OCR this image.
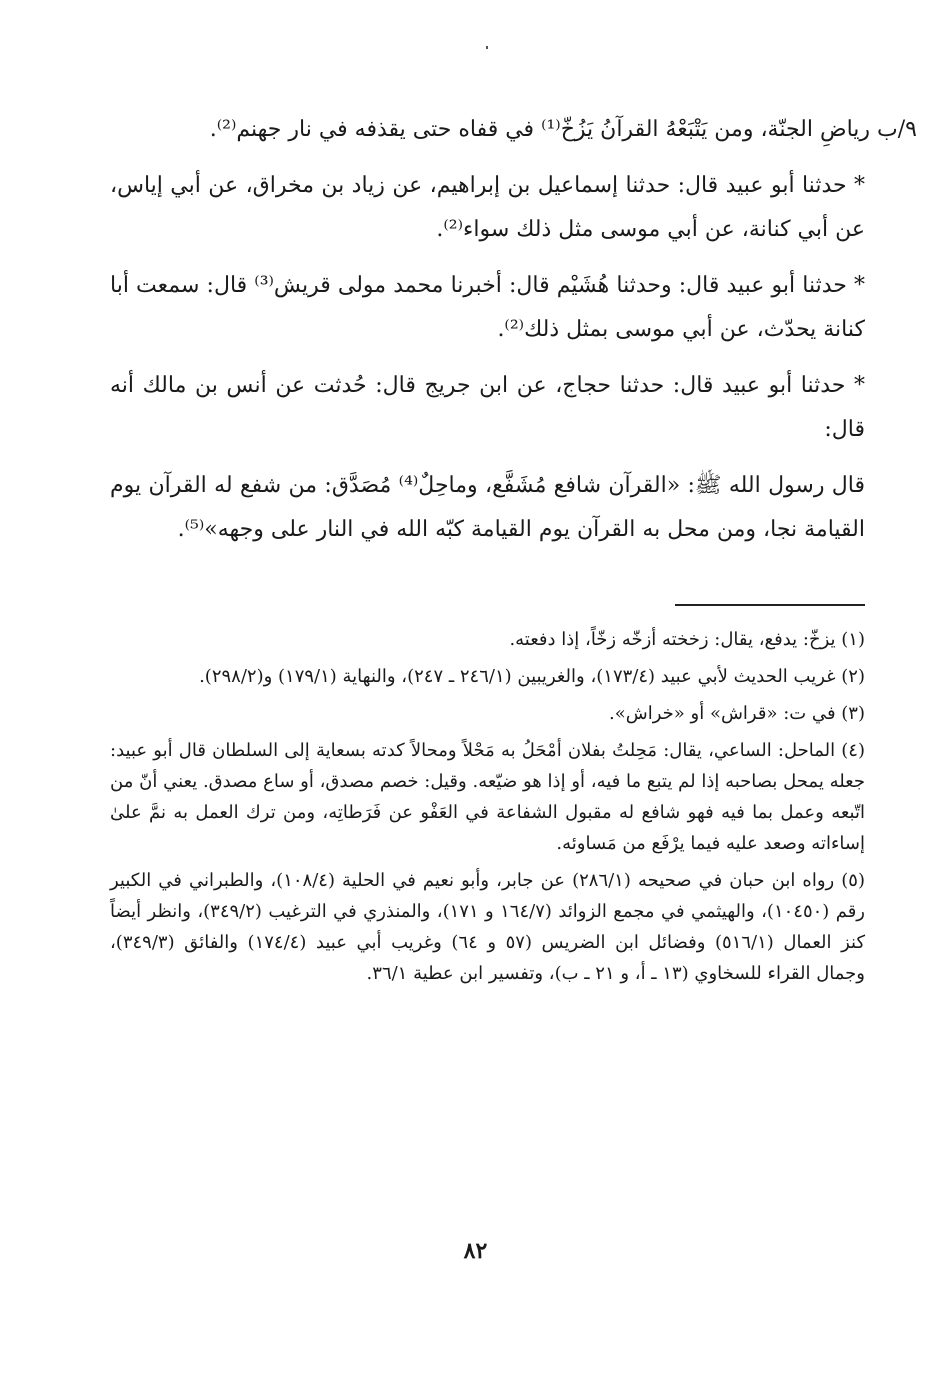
٩/ب رياضِ الجنّة، ومن يَتْبَعْهُ القرآنُ يَزُخّ⁽¹⁾ في قفاه حتى يقذفه في نار جهنم⁽²⁾.

* حدثنا أبو عبيد قال: حدثنا إسماعيل بن إبراهيم، عن زياد بن مخراق، عن أبي إياس، عن أبي كنانة، عن أبي موسى مثل ذلك سواء⁽²⁾.

* حدثنا أبو عبيد قال: وحدثنا هُشَيْم قال: أخبرنا محمد مولى قريش⁽³⁾ قال: سمعت أبا كنانة يحدّث، عن أبي موسى بمثل ذلك⁽²⁾.

* حدثنا أبو عبيد قال: حدثنا حجاج، عن ابن جريج قال: حُدثت عن أنس بن مالك أنه قال:

قال رسول الله ﷺ: «القرآن شافع مُشَفَّع، وماحِلٌ⁽⁴⁾ مُصَدَّق: من شفع له القرآن يوم القيامة نجا، ومن محل به القرآن يوم القيامة كبّه الله في النار على وجهه»⁽⁵⁾.

(١) يزخّ: يدفع، يقال: زخخته أزخّه زخّاً، إذا دفعته.

(٢) غريب الحديث لأبي عبيد (١٧٣/٤)، والغريبين (٢٤٦/١ ـ ٢٤٧)، والنهاية (١٧٩/١) و(٢٩٨/٢).

(٣) في ت: «قراش» أو «خراش».

(٤) الماحل: الساعي، يقال: مَحِلتُ بفلان أمْحَلُ به مَحْلاً ومحالاً كدته بسعاية إلى السلطان قال أبو عبيد: جعله يمحل بصاحبه إذا لم يتبع ما فيه، أو إذا هو ضيّعه. وقيل: خصم مصدق، أو ساع مصدق. يعني أنّ من اتّبعه وعمل بما فيه فهو شافع له مقبول الشفاعة في العَفْو عن فَرَطاتِه، ومن ترك العمل به نمَّ علىٰ إساءاته وصعد عليه فيما يرْفَع من مَساوئه.

(٥) رواه ابن حبان في صحيحه (٢٨٦/١) عن جابر، وأبو نعيم في الحلية (١٠٨/٤)، والطبراني في الكبير رقم (١٠٤٥٠)، والهيثمي في مجمع الزوائد (١٦٤/٧ و ١٧١)، والمنذري في الترغيب (٣٤٩/٢)، وانظر أيضاً كنز العمال (٥١٦/١) وفضائل ابن الضريس (٥٧ و ٦٤) وغريب أبي عبيد (١٧٤/٤) والفائق (٣٤٩/٣)، وجمال القراء للسخاوي (١٣ ـ أ، و ٢١ ـ ب)، وتفسير ابن عطية ٣٦/١.

٨٢
